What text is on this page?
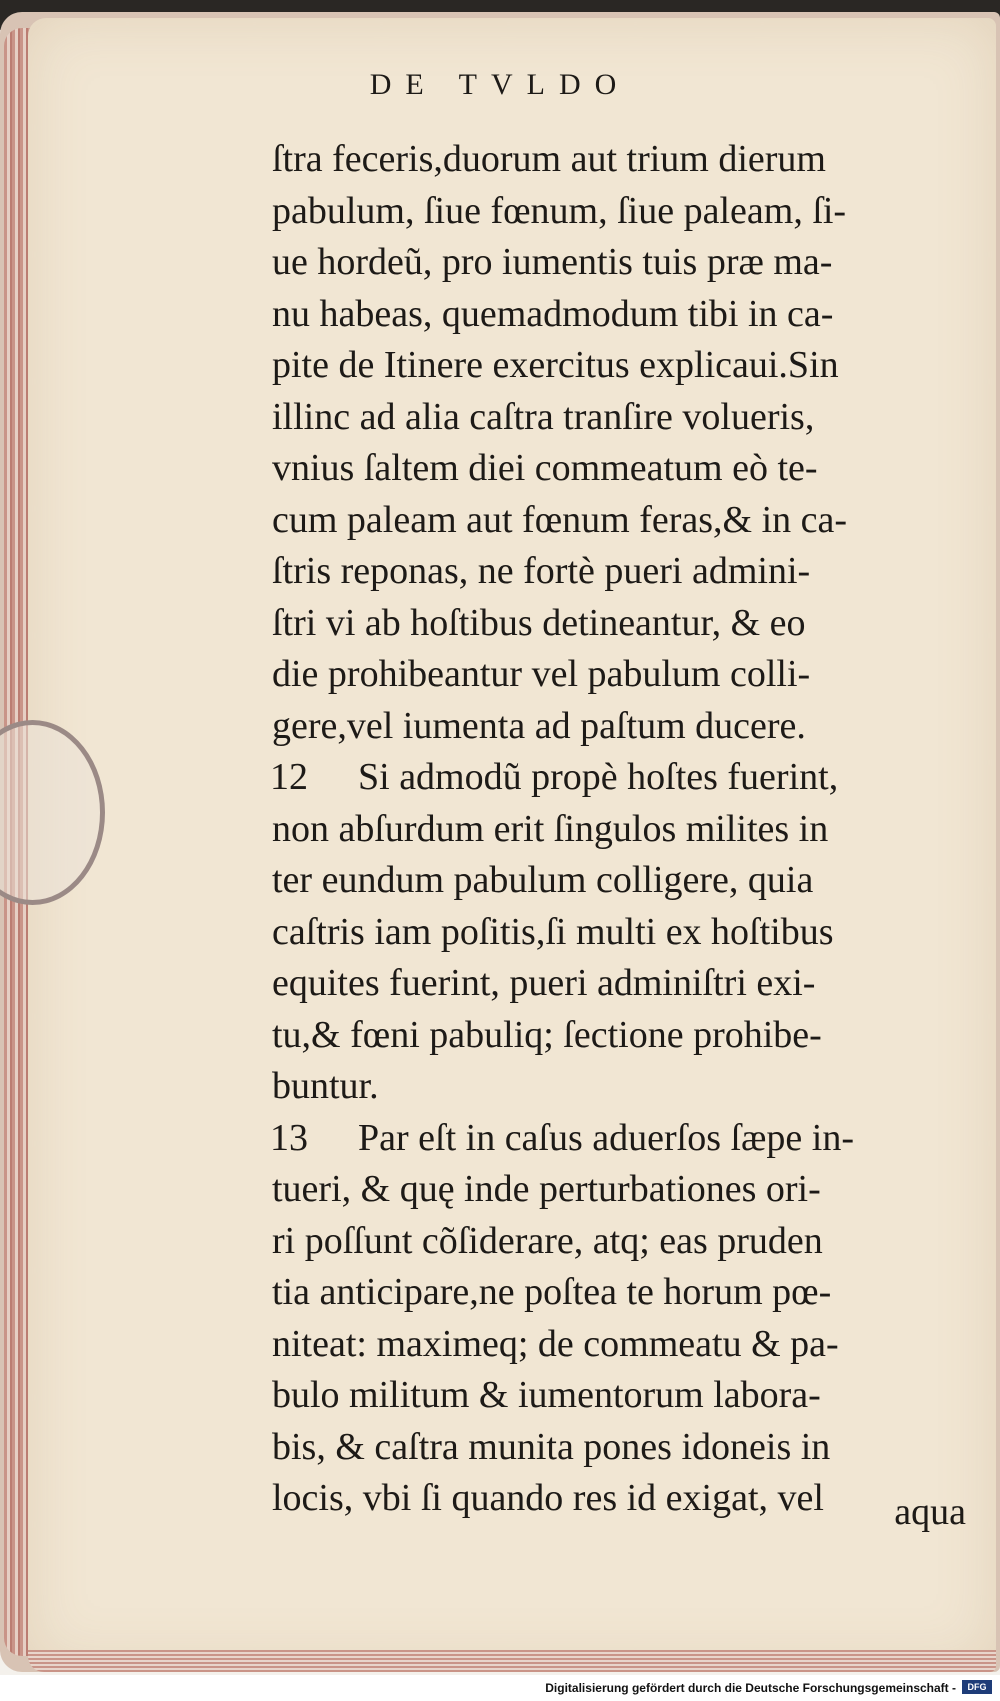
DE TVLDO
ſtra feceris,duorum aut trium dierum
pabulum, ſiue fœnum, ſiue paleam, ſi-
ue hordeũ, pro iumentis tuis præ ma-
nu habeas, quemadmodum tibi in ca-
pite de Itinere exercitus explicaui.Sin
illinc ad alia caſtra tranſire volueris,
vnius ſaltem diei commeatum eò te-
cum paleam aut fœnum feras,& in ca-
ſtris reponas, ne fortè pueri admini-
ſtri vi ab hoſtibus detineantur, & eo
die prohibeantur vel pabulum colli-
gere,vel iumenta ad paſtum ducere.
12 Si admodũ propè hoſtes fuerint,
non abſurdum erit ſingulos milites in
ter eundum pabulum colligere, quia
caſtris iam poſitis,ſi multi ex hoſtibus
equites fuerint, pueri adminiſtri exi-
tu,& fœni pabuliq; ſectione prohibe-
buntur.
13 Par eſt in caſus aduerſos ſæpe in-
tueri, & quę inde perturbationes ori-
ri poſſunt cõſiderare, atq; eas pruden
tia anticipare,ne poſtea te horum pœ-
niteat: maximeq; de commeatu & pa-
bulo militum & iumentorum labora-
bis, & caſtra munita pones idoneis in
locis, vbi ſi quando res id exigat, vel	aqua
Digitalisierung gefördert durch die Deutsche Forschungsgemeinschaft -	DFG
